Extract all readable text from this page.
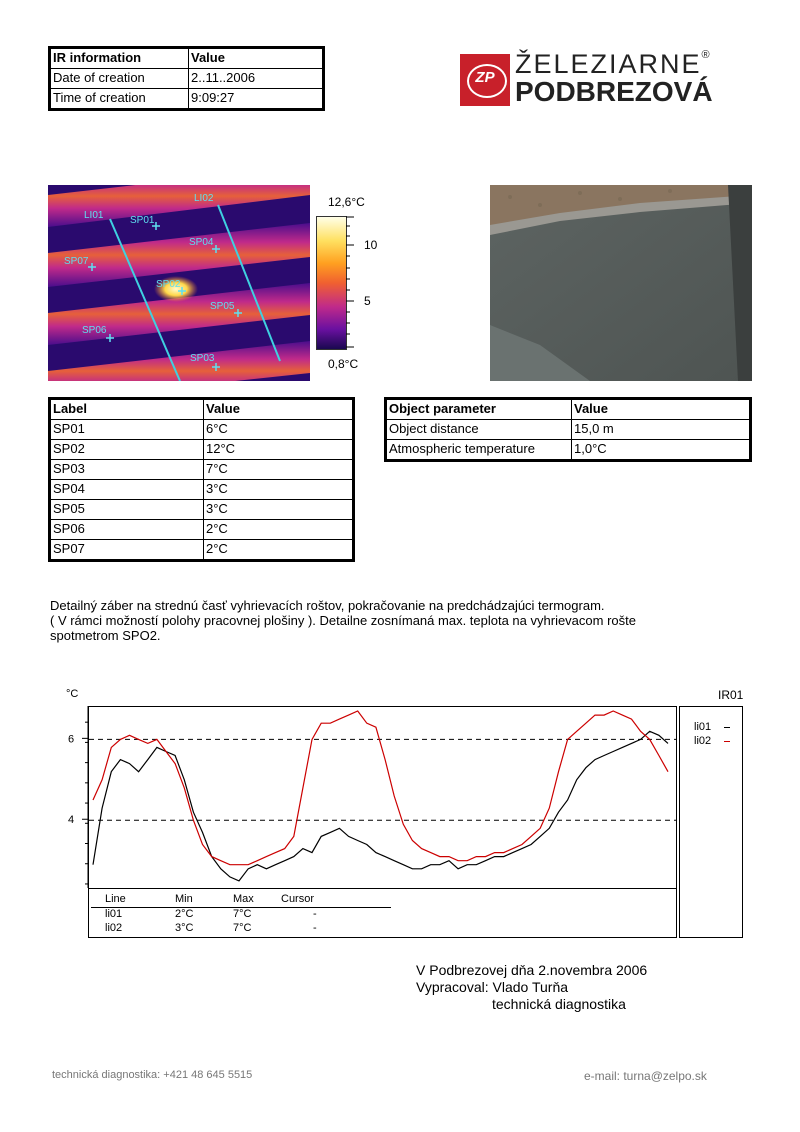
IR information	Value
Date of creation	2..11..2006
Time of creation	9:09:27
ZP ŽELEZIARNE®
PODBREZOVÁ
LI01
LI02
SP01
SP02
SP03
SP04
SP05
SP06
SP07
12,6°C
10
5
0,8°C
Label	Value
SP01	6°C
SP02	12°C
SP03	7°C
SP04	3°C
SP05	3°C
SP06	2°C
SP07	2°C
Object parameter	Value
Object distance	15,0 m
Atmospheric temperature	1,0°C
Detailný záber na strednú časť vyhrievacích roštov, pokračovanie na predchádzajúci termogram.
( V rámci možností polohy pracovnej plošiny ). Detailne zosnímaná max. teplota na vyhrievacom rošte
spotmetrom SPO2.
°C	IR01
Line	Min	Max Cursor
li01	2°C	7°C	-
li02	3°C	7°C	-
4
6
li01
li02
V Podbrezovej dňa 2.novembra 2006
Vypracoval: Vlado Turňa
technická diagnostika
technická diagnostika: +421 48 645 5515	e-mail: turna@zelpo.sk
